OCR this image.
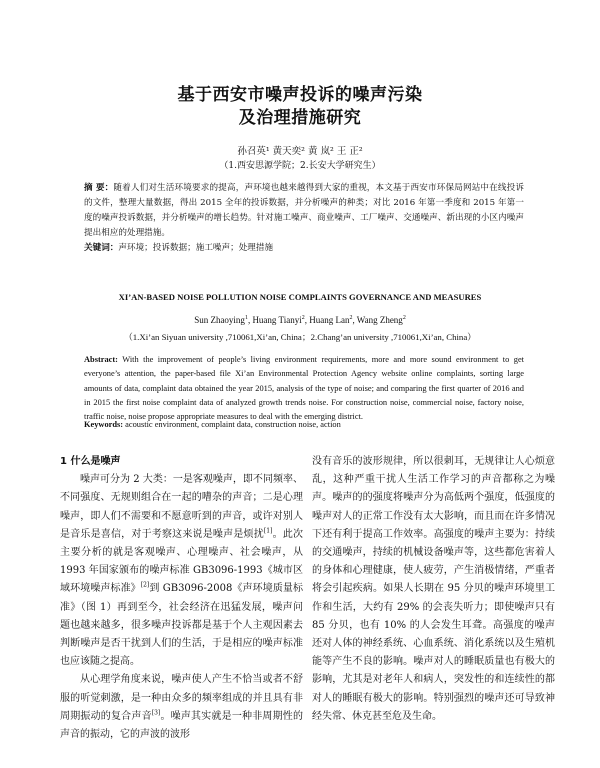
基于西安市噪声投诉的噪声污染
及治理措施研究
孙召英¹ 黄天奕² 黄 岚² 王 正²
（1.西安思源学院；2.长安大学研究生）
摘 要：随着人们对生活环境要求的提高，声环境也越来越得到大家的重视，本文基于西安市环保局网站中在线投诉的文件，整理大量数据，得出 2015 全年的投诉数据，并分析噪声的种类；对比 2016 年第一季度和 2015 年第一度的噪声投诉数据，并分析噪声的增长趋势。针对施工噪声、商业噪声、工厂噪声、交通噪声、新出现的小区内噪声提出相应的处理措施。
关键词：声环境；投诉数据；施工噪声；处理措施
XI’AN-BASED NOISE POLLUTION NOISE COMPLAINTS GOVERNANCE AND MEASURES
Sun Zhaoying$^1$, Huang Tianyi$^2$, Huang Lan$^2$, Wang Zheng$^2$
（1.Xi’an Siyuan university ,710061,Xi’an, China；2.Chang’an university ,710061,Xi’an, China）
Abstract: With the improvement of people’s living environment requirements, more and more sound environment to get everyone’s attention, the paper-based file Xi’an Environmental Protection Agency website online complaints, sorting large amounts of data, complaint data obtained the year 2015, analysis of the type of noise; and comparing the first quarter of 2016 and in 2015 the first noise complaint data of analyzed growth trends noise. For construction noise, commercial noise, factory noise, traffic noise, noise propose appropriate measures to deal with the emerging district.
Keywords: acoustic environment, complaint data, construction noise, action
1 什么是噪声

噪声可分为 2 大类：一是客观噪声，即不同频率、不同强度、无规则组合在一起的嘈杂的声音；二是心理噪声，即人们不需要和不愿意听到的声音，或许对别人是音乐是喜信，对于考察这来说是噪声是烦扰[1]。此次主要分析的就是客观噪声、心理噪声、社会噪声，从 1993 年国家颁布的噪声标准 GB3096-1993《城市区域环境噪声标准》[2]到 GB3096-2008《声环境质量标准》（图 1）再到至今，社会经济在迅猛发展，噪声问题也越来越多，很多噪声投诉都是基于个人主观因素去判断噪声是否干扰到人们的生活，于是相应的噪声标准也应该随之提高。

从心理学角度来说，噪声使人产生不恰当或者不舒服的听觉刺激，是一种由众多的频率组成的并且具有非周期振动的复合声音[3]。噪声其实就是一种非周期性的声音的振动，它的声波的波形

没有音乐的波形规律，所以很刺耳，无规律让人心烦意乱，这种严重干扰人生活工作学习的声音都称之为噪声。噪声的的强度将噪声分为高低两个强度，低强度的噪声对人的正常工作没有太大影响，而且而在许多情况下还有利于提高工作效率。高强度的噪声主要为：持续的交通噪声，持续的机械设备噪声等，这些都危害着人的身体和心理健康，使人疲劳，产生消极情绪，严重者将会引起疾病。如果人长期在 95 分贝的噪声环境里工作和生活，大约有 29% 的会丧失听力；即使噪声只有 85 分贝，也有 10% 的人会发生耳聋。高强度的噪声还对人体的神经系统、心血系统、消化系统以及生殖机能等产生不良的影响。噪声对人的睡眠质量也有极大的影响，尤其是对老年人和病人，突发性的和连续性的都对人的睡眠有极大的影响。特别强烈的噪声还可导致神经失常、休克甚至危及生命。
